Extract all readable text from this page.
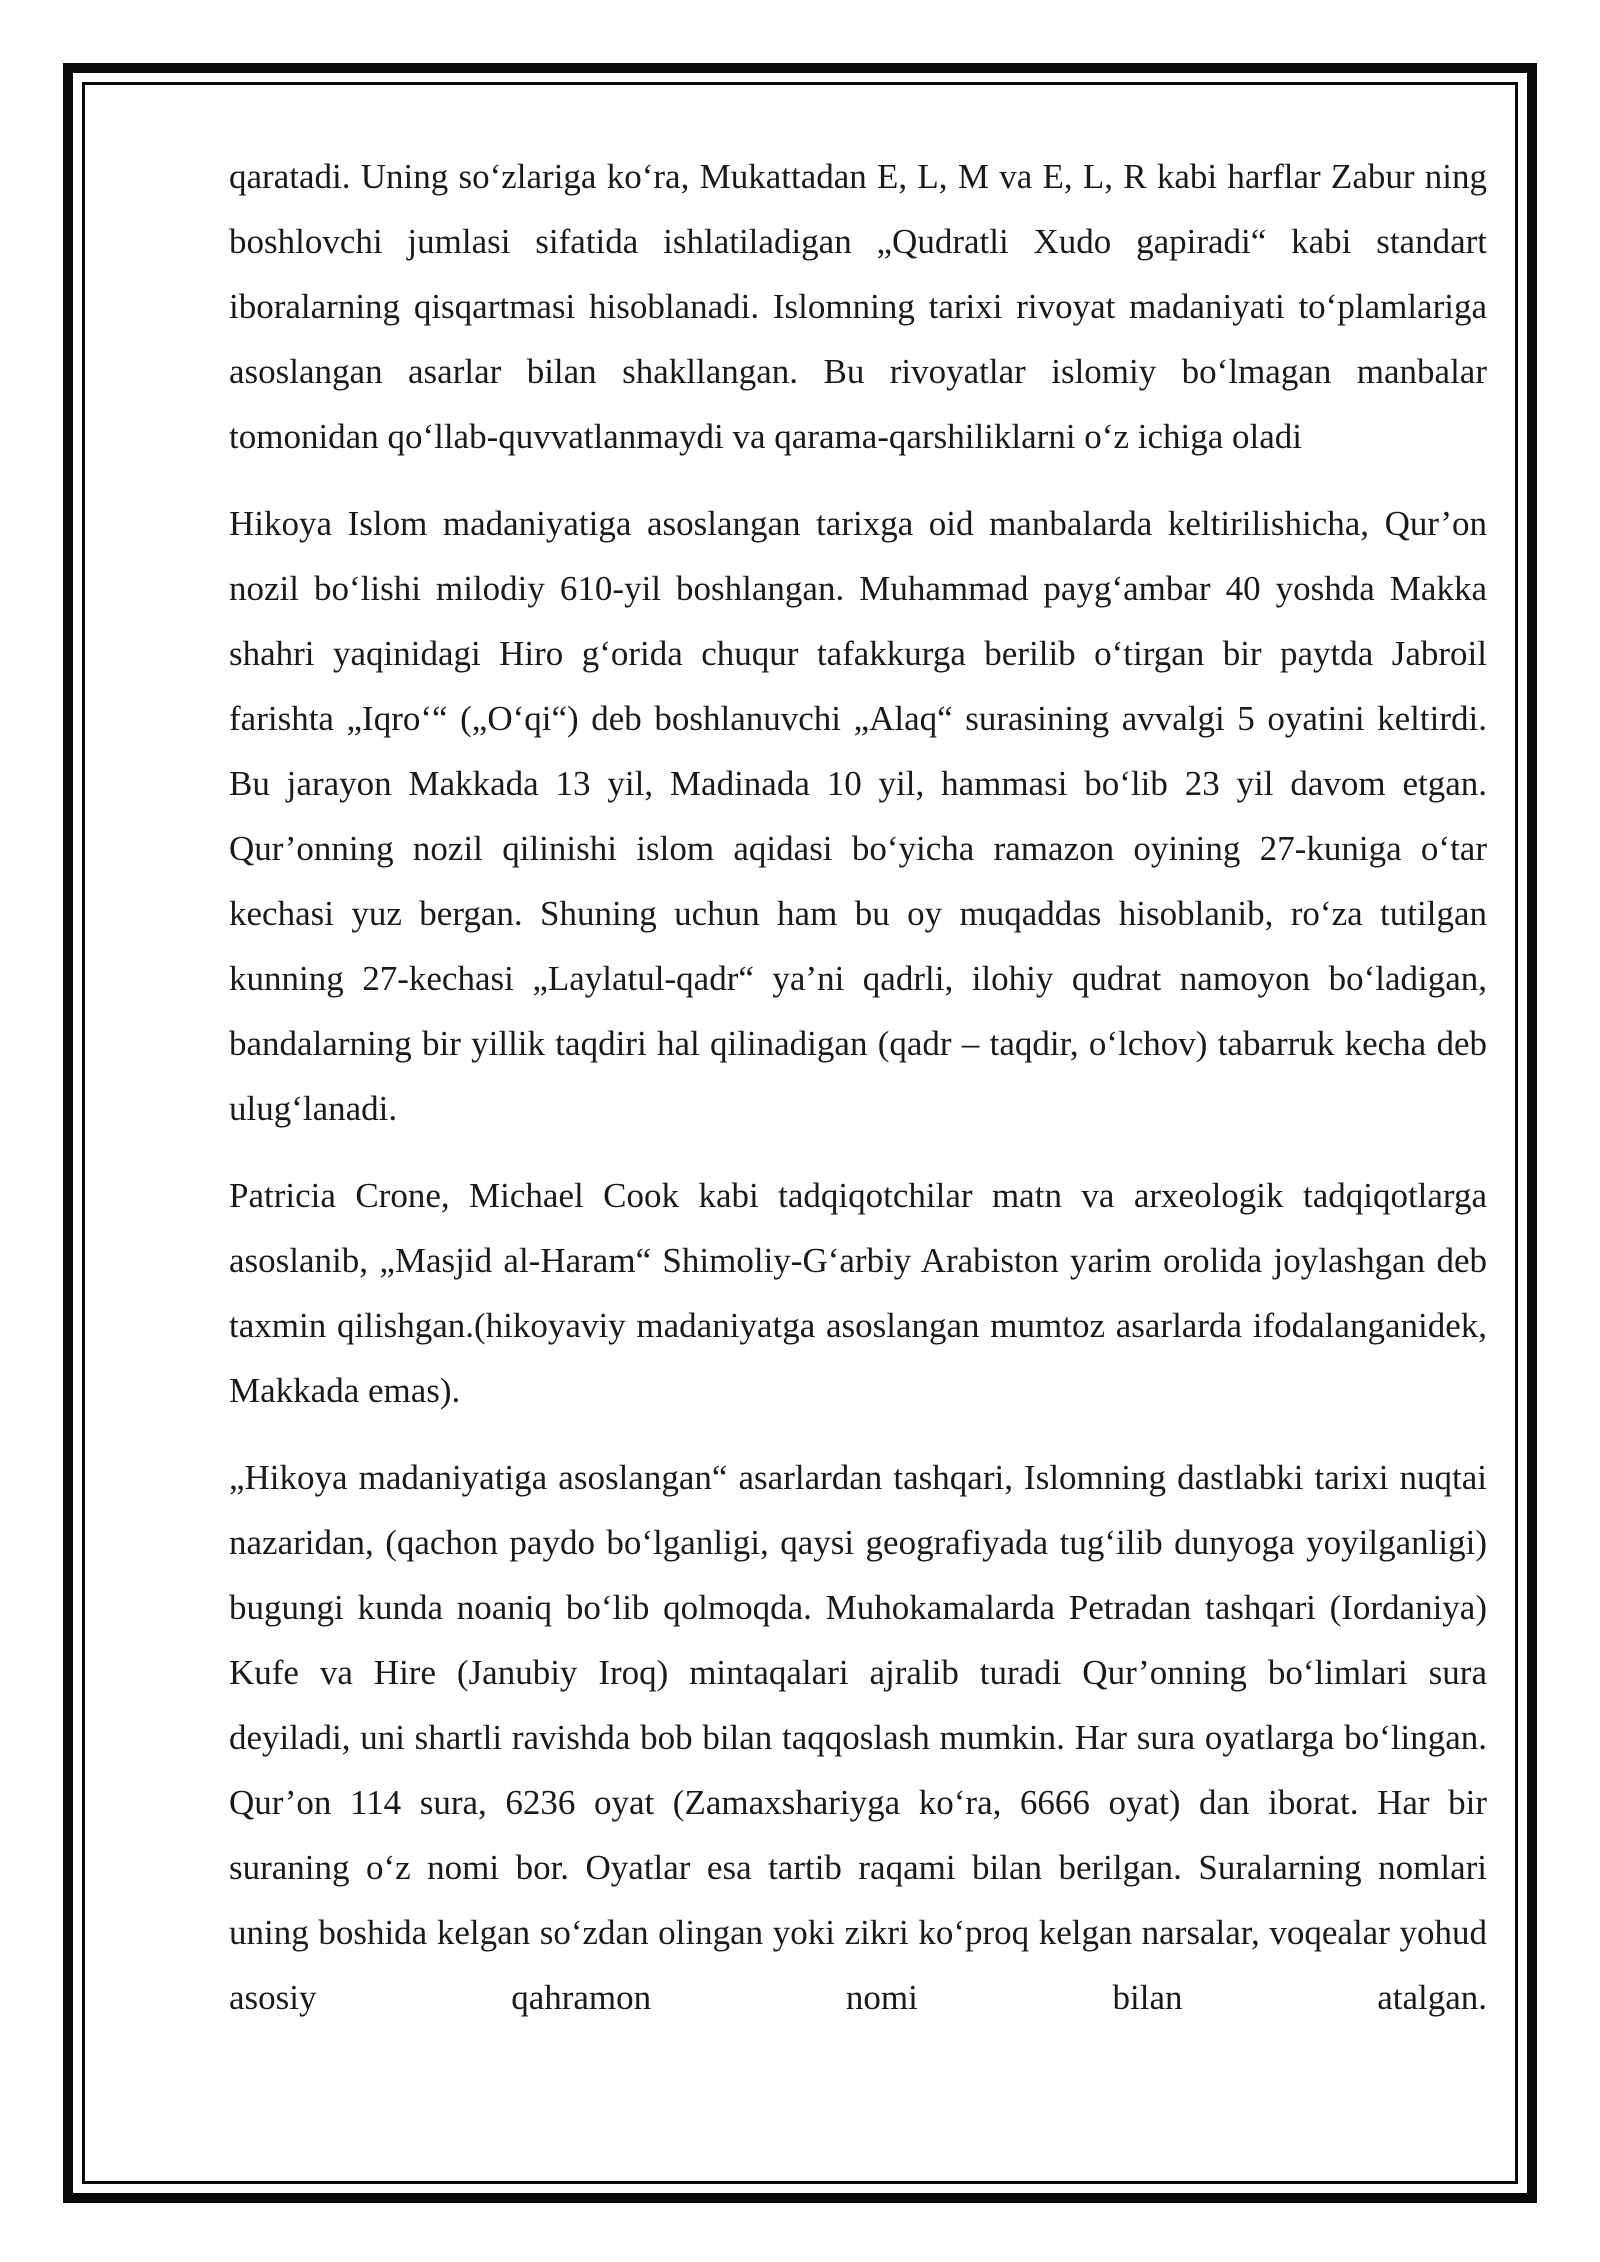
qaratadi. Uning so‘zlariga ko‘ra, Mukattadan E, L, M va E, L, R kabi harflar Zabur ning boshlovchi jumlasi sifatida ishlatiladigan „Qudratli Xudo gapiradi“ kabi standart iboralarning qisqartmasi hisoblanadi. Islomning tarixi rivoyat madaniyati to‘plamlariga asoslangan asarlar bilan shakllangan. Bu rivoyatlar islomiy bo‘lmagan manbalar tomonidan qo‘llab-quvvatlanmaydi va qarama-qarshiliklarni o‘z ichiga oladi

Hikoya Islom madaniyatiga asoslangan tarixga oid manbalarda keltirilishicha, Qur’on nozil bo‘lishi milodiy 610-yil boshlangan. Muhammad payg‘ambar 40 yoshda Makka shahri yaqinidagi Hiro g‘orida chuqur tafakkurga berilib o‘tirgan bir paytda Jabroil farishta „Iqro‘“ („O‘qi“) deb boshlanuvchi „Alaq“ surasining avvalgi 5 oyatini keltirdi. Bu jarayon Makkada 13 yil, Madinada 10 yil, hammasi bo‘lib 23 yil davom etgan. Qur’onning nozil qilinishi islom aqidasi bo‘yicha ramazon oyining 27-kuniga o‘tar kechasi yuz bergan. Shuning uchun ham bu oy muqaddas hisoblanib, ro‘za tutilgan kunning 27-kechasi „Laylatul-qadr“ ya’ni qadrli, ilohiy qudrat namoyon bo‘ladigan, bandalarning bir yillik taqdiri hal qilinadigan (qadr – taqdir, o‘lchov) tabarruk kecha deb ulug‘lanadi.

Patricia Crone, Michael Cook kabi tadqiqotchilar matn va arxeologik tadqiqotlarga asoslanib, „Masjid al-Haram“ Shimoliy-G‘arbiy Arabiston yarim orolida joylashgan deb taxmin qilishgan.(hikoyaviy madaniyatga asoslangan mumtoz asarlarda ifodalanganidek, Makkada emas).

„Hikoya madaniyatiga asoslangan“ asarlardan tashqari, Islomning dastlabki tarixi nuqtai nazaridan, (qachon paydo bo‘lganligi, qaysi geografiyada tug‘ilib dunyoga yoyilganligi) bugungi kunda noaniq bo‘lib qolmoqda. Muhokamalarda Petradan tashqari (Iordaniya) Kufe va Hire (Janubiy Iroq) mintaqalari ajralib turadi Qur’onning bo‘limlari sura deyiladi, uni shartli ravishda bob bilan taqqoslash mumkin. Har sura oyatlarga bo‘lingan. Qur’on 114 sura, 6236 oyat (Zamaxshariyga ko‘ra, 6666 oyat) dan iborat. Har bir suraning o‘z nomi bor. Oyatlar esa tartib raqami bilan berilgan. Suralarning nomlari uning boshida kelgan so‘zdan olingan yoki zikri ko‘proq kelgan narsalar, voqealar yohud asosiy qahramon nomi bilan atalgan.
